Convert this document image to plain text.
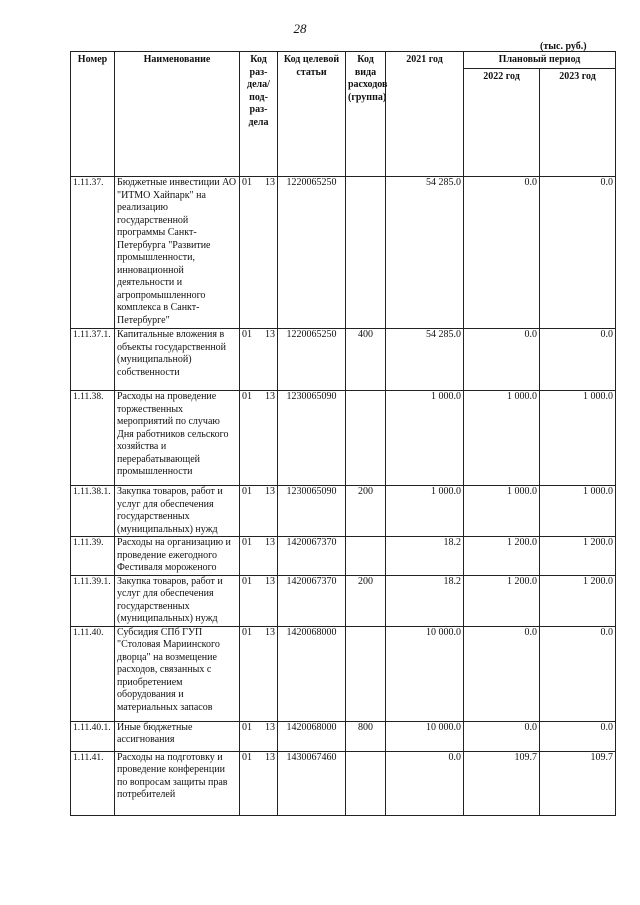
28
(тыс. руб.)
Номер	Наименование	Код раз-дела/ под-раз-дела	Код целевой статьи	Код вида расходов (группа)	2021 год	Плановый период	
						2022 год	2023 год
1.11.37.	Бюджетные инвестиции АО "ИТМО Хайпарк" на реализацию государственной программы Санкт-Петербурга "Развитие промышленности, инновационной деятельности и агропромышленного комплекса в Санкт-Петербурге"	01 13	1220065250		54 285.0	0.0	0.0
1.11.37.1.	Капитальные вложения в объекты государственной (муниципальной) собственности	01 13	1220065250	400	54 285.0	0.0	0.0
1.11.38.	Расходы на проведение торжественных мероприятий по случаю Дня работников сельского хозяйства и перерабатывающей промышленности	01 13	1230065090		1 000.0	1 000.0	1 000.0
1.11.38.1.	Закупка товаров, работ и услуг для обеспечения государственных (муниципальных) нужд	01 13	1230065090	200	1 000.0	1 000.0	1 000.0
1.11.39.	Расходы на организацию и проведение ежегодного Фестиваля мороженого	01 13	1420067370		18.2	1 200.0	1 200.0
1.11.39.1.	Закупка товаров, работ и услуг для обеспечения государственных (муниципальных) нужд	01 13	1420067370	200	18.2	1 200.0	1 200.0
1.11.40.	Субсидия СПб ГУП "Столовая Мариинского дворца" на возмещение расходов, связанных с приобретением оборудования и материальных запасов	01 13	1420068000		10 000.0	0.0	0.0
1.11.40.1.	Иные бюджетные ассигнования	01 13	1420068000	800	10 000.0	0.0	0.0
1.11.41.	Расходы на подготовку и проведение конференции по вопросам защиты прав потребителей	01 13	1430067460		0.0	109.7	109.7
